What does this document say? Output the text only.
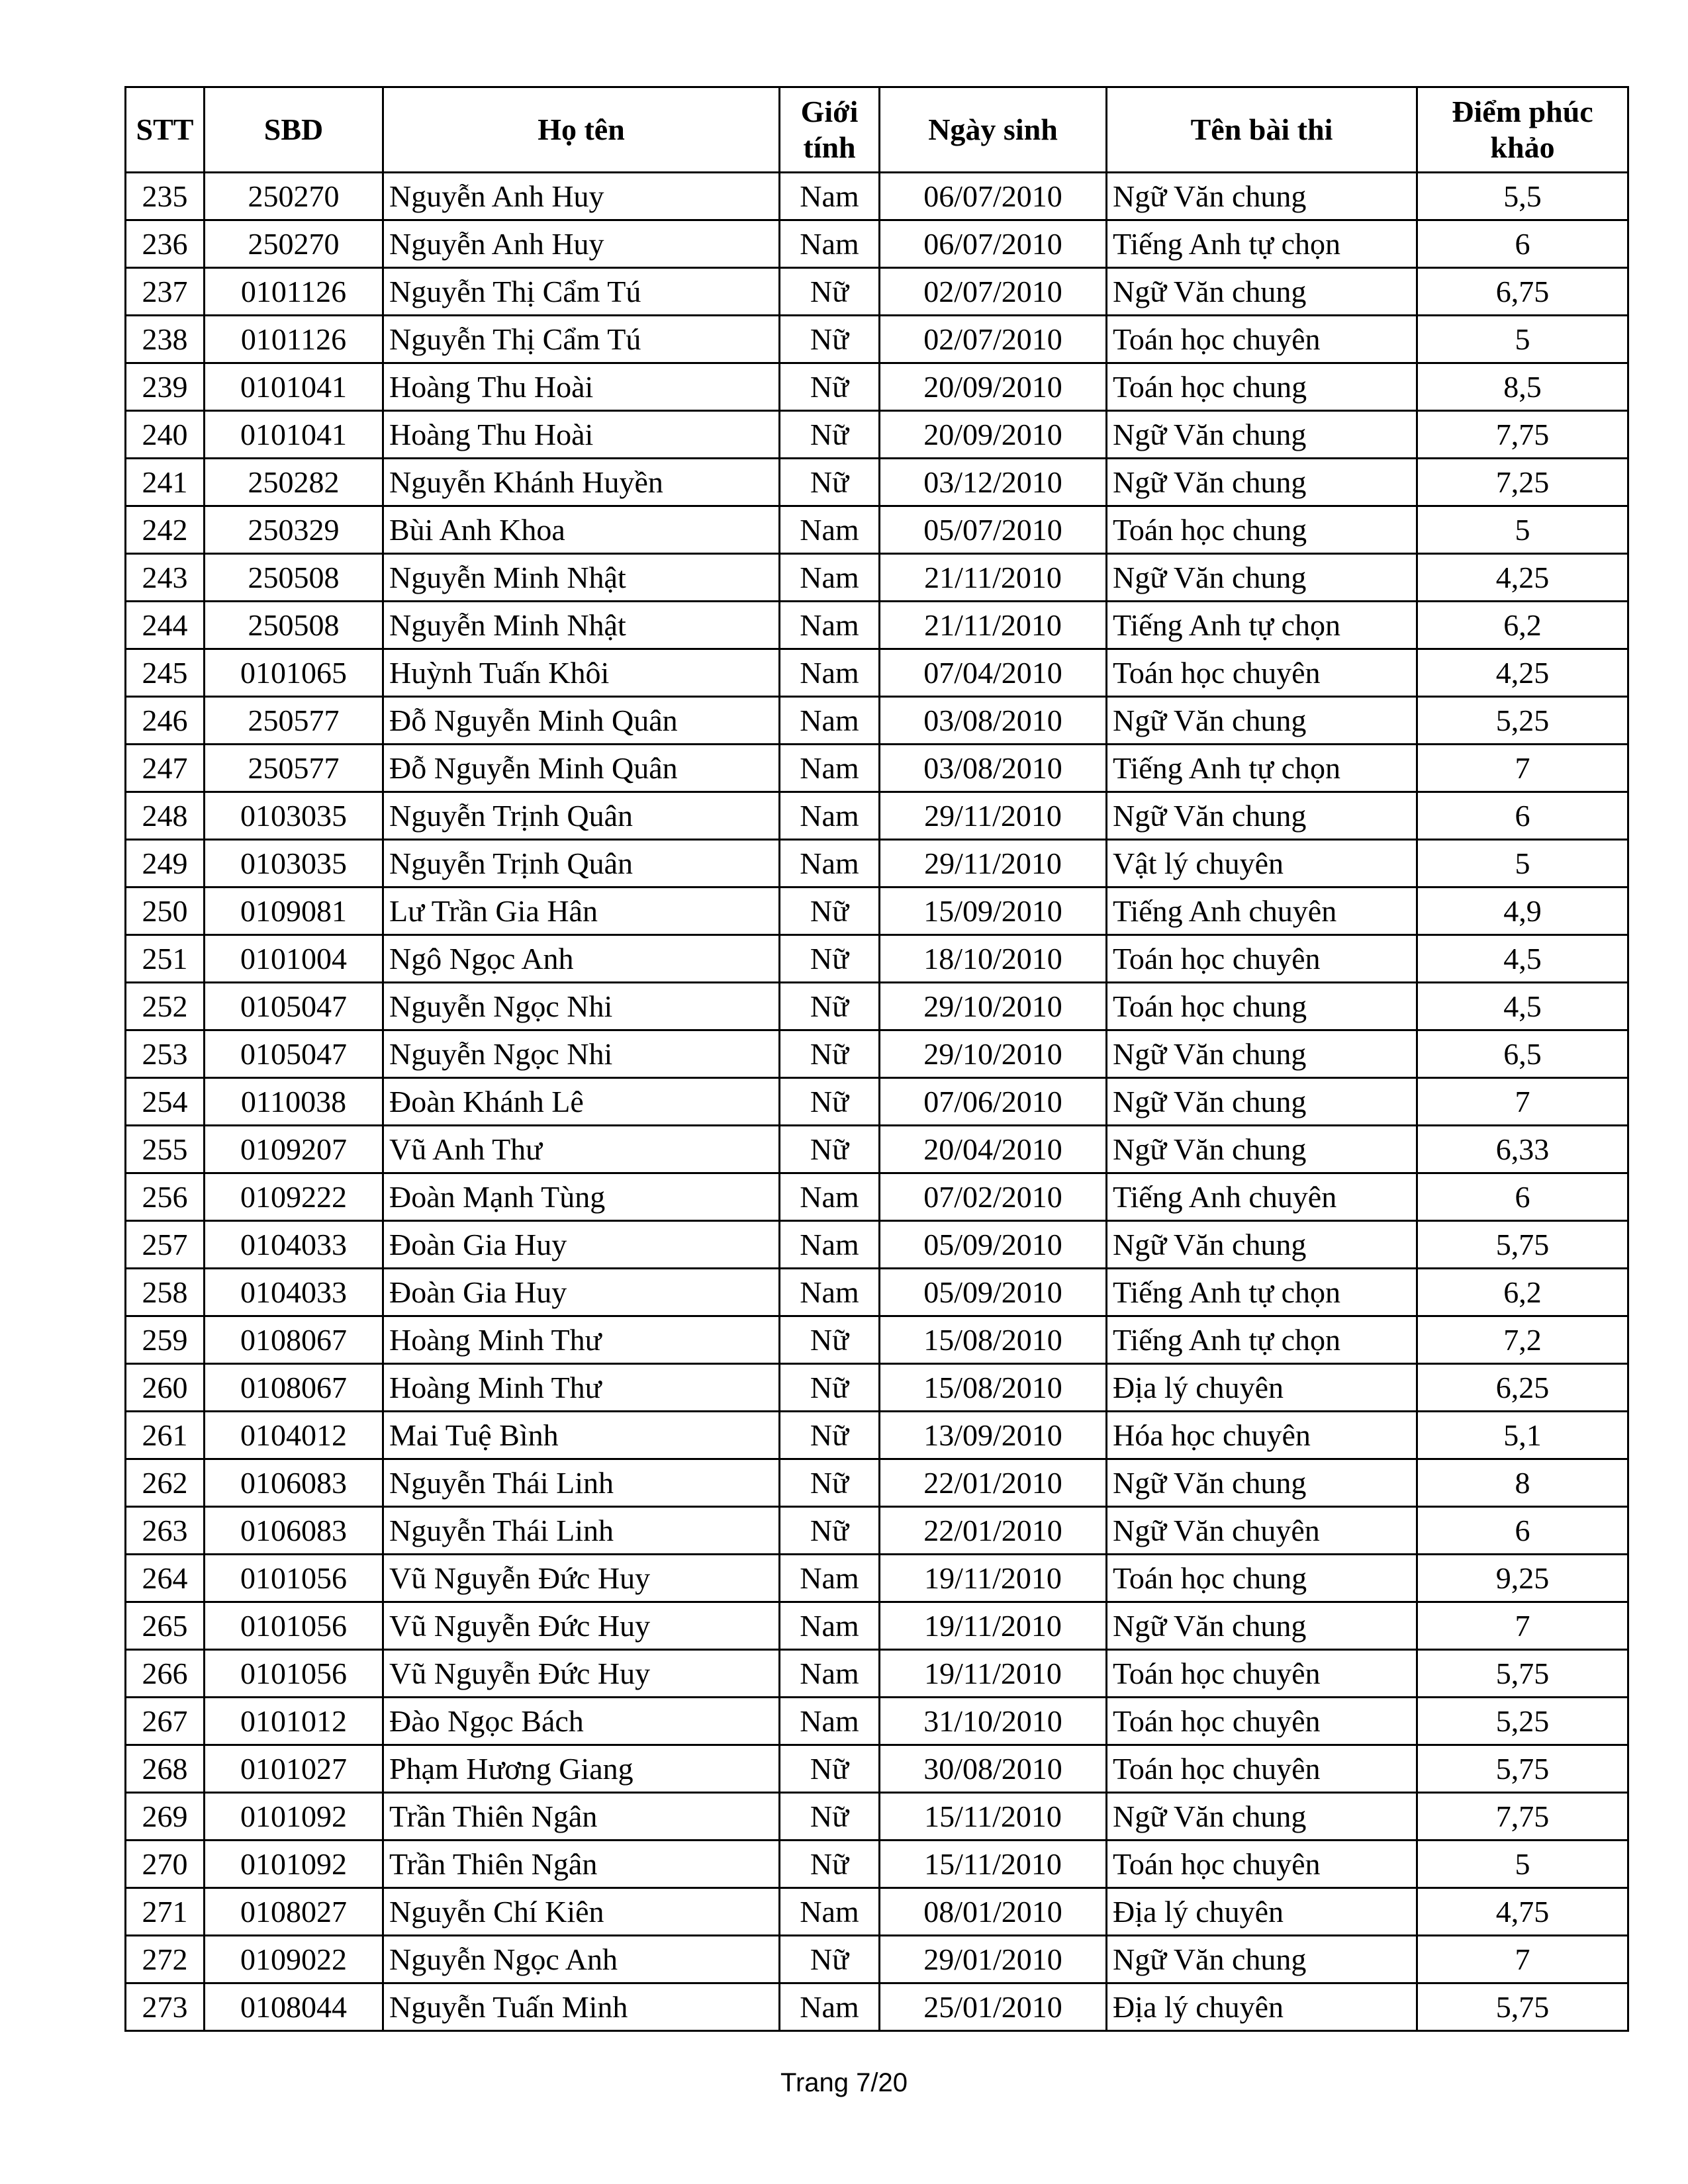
STT	SBD	Họ tên	Giới tính	Ngày sinh	Tên bài thi	Điểm phúc khảo
235	250270	Nguyễn Anh Huy	Nam	06/07/2010	Ngữ Văn chung	5,5
236	250270	Nguyễn Anh Huy	Nam	06/07/2010	Tiếng Anh tự chọn	6
237	0101126	Nguyễn Thị Cẩm Tú	Nữ	02/07/2010	Ngữ Văn chung	6,75
238	0101126	Nguyễn Thị Cẩm Tú	Nữ	02/07/2010	Toán học chuyên	5
239	0101041	Hoàng Thu Hoài	Nữ	20/09/2010	Toán học chung	8,5
240	0101041	Hoàng Thu Hoài	Nữ	20/09/2010	Ngữ Văn chung	7,75
241	250282	Nguyễn Khánh Huyền	Nữ	03/12/2010	Ngữ Văn chung	7,25
242	250329	Bùi Anh Khoa	Nam	05/07/2010	Toán học chung	5
243	250508	Nguyễn Minh Nhật	Nam	21/11/2010	Ngữ Văn chung	4,25
244	250508	Nguyễn Minh Nhật	Nam	21/11/2010	Tiếng Anh tự chọn	6,2
245	0101065	Huỳnh Tuấn Khôi	Nam	07/04/2010	Toán học chuyên	4,25
246	250577	Đỗ Nguyễn Minh Quân	Nam	03/08/2010	Ngữ Văn chung	5,25
247	250577	Đỗ Nguyễn Minh Quân	Nam	03/08/2010	Tiếng Anh tự chọn	7
248	0103035	Nguyễn Trịnh Quân	Nam	29/11/2010	Ngữ Văn chung	6
249	0103035	Nguyễn Trịnh Quân	Nam	29/11/2010	Vật lý chuyên	5
250	0109081	Lư Trần Gia Hân	Nữ	15/09/2010	Tiếng Anh chuyên	4,9
251	0101004	Ngô Ngọc Anh	Nữ	18/10/2010	Toán học chuyên	4,5
252	0105047	Nguyễn Ngọc Nhi	Nữ	29/10/2010	Toán học chung	4,5
253	0105047	Nguyễn Ngọc Nhi	Nữ	29/10/2010	Ngữ Văn chung	6,5
254	0110038	Đoàn Khánh Lê	Nữ	07/06/2010	Ngữ Văn chung	7
255	0109207	Vũ Anh Thư	Nữ	20/04/2010	Ngữ Văn chung	6,33
256	0109222	Đoàn Mạnh Tùng	Nam	07/02/2010	Tiếng Anh chuyên	6
257	0104033	Đoàn Gia Huy	Nam	05/09/2010	Ngữ Văn chung	5,75
258	0104033	Đoàn Gia Huy	Nam	05/09/2010	Tiếng Anh tự chọn	6,2
259	0108067	Hoàng Minh Thư	Nữ	15/08/2010	Tiếng Anh tự chọn	7,2
260	0108067	Hoàng Minh Thư	Nữ	15/08/2010	Địa lý chuyên	6,25
261	0104012	Mai Tuệ Bình	Nữ	13/09/2010	Hóa học chuyên	5,1
262	0106083	Nguyễn Thái Linh	Nữ	22/01/2010	Ngữ Văn chung	8
263	0106083	Nguyễn Thái Linh	Nữ	22/01/2010	Ngữ Văn chuyên	6
264	0101056	Vũ Nguyễn Đức Huy	Nam	19/11/2010	Toán học chung	9,25
265	0101056	Vũ Nguyễn Đức Huy	Nam	19/11/2010	Ngữ Văn chung	7
266	0101056	Vũ Nguyễn Đức Huy	Nam	19/11/2010	Toán học chuyên	5,75
267	0101012	Đào Ngọc Bách	Nam	31/10/2010	Toán học chuyên	5,25
268	0101027	Phạm Hương Giang	Nữ	30/08/2010	Toán học chuyên	5,75
269	0101092	Trần Thiên Ngân	Nữ	15/11/2010	Ngữ Văn chung	7,75
270	0101092	Trần Thiên Ngân	Nữ	15/11/2010	Toán học chuyên	5
271	0108027	Nguyễn Chí Kiên	Nam	08/01/2010	Địa lý chuyên	4,75
272	0109022	Nguyễn Ngọc Anh	Nữ	29/01/2010	Ngữ Văn chung	7
273	0108044	Nguyễn Tuấn Minh	Nam	25/01/2010	Địa lý chuyên	5,75
Trang 7/20
